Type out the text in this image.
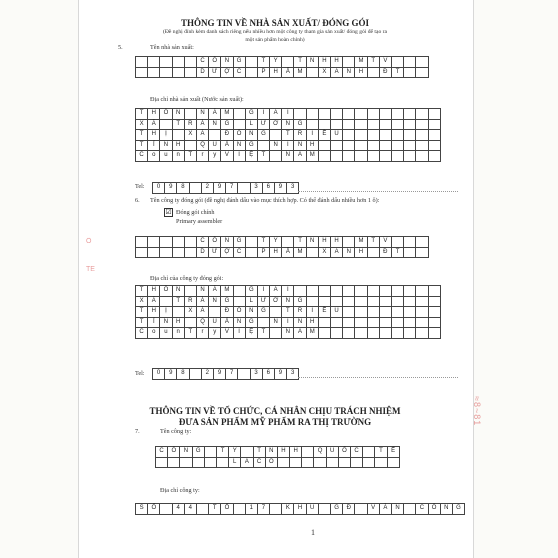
THÔNG TIN VỀ NHÀ SẢN XUẤT/ ĐÓNG GÓI
(Đề nghị đính kèm danh sách riêng nếu nhiều hơn một công ty tham gia sản xuất/ đóng gói để tạo ra
một sản phẩm hoàn chỉnh)
5.	Tên nhà sản xuất:
					C	Ô	N	G		T	Y		T	N	H	H		M	T	V			
					D	Ư	Ợ	C		P	H	Ẩ	M		X	A	N	H		Đ	T		
Địa chỉ nhà sản xuất (Nước sản xuất):
T	H	Ô	N		N	Ă	M		G	I	A	I												
X	Ã		T	R	À	N	G		L	Ư	Ơ	N	G											
T	H	Ị		X	Ã		Đ	Ô	N	G		T	R	I	Ề	U								
T	Ỉ	N	H		Q	U	Ả	N	G		N	I	N	H										
C	o	u	n	T	r	y	V	I	Ệ	T		N	A	M										
Tel: 0	9	8		2	9	7		3	6	9	3
6. Tên công ty đóng gói (đề nghị đánh dấu vào mục thích hợp. Có thể đánh dấu nhiều hơn 1 ô):
☑ Đóng gói chính
Primary assembler
					C	Ô	N	G		T	Y		T	N	H	H		M	T	V			
					D	Ư	Ợ	C		P	H	Ẩ	M		X	A	N	H		Đ	T		
Địa chỉ của công ty đóng gói:
T	H	Ô	N		N	Ă	M		G	I	A	I												
X	Ã		T	R	À	N	G		L	Ư	Ơ	N	G											
T	H	Ị		X	Ã		Đ	Ô	N	G		T	R	I	Ề	U								
T	Ỉ	N	H		Q	U	Ả	N	G		N	I	N	H										
C	o	u	n	T	r	y	V	I	Ệ	T		N	A	M										
Tel: 0	9	8		2	9	7		3	6	9	3
THÔNG TIN VỀ TỔ CHỨC, CÁ NHÂN CHỊU TRÁCH NHIỆM
ĐƯA SẢN PHẨM MỸ PHẨM RA THỊ TRƯỜNG
7.	Tên công ty:
C	Ô	N	G		T	Y		T	N	H	H		Q	U	Ố	C		T	Ế
						L	A	C	O										
Địa chỉ công ty:
S	Ố		4	4		T	Ổ		1	7		K	H	U		G	Đ		V	Ă	N		C	Ô	N	G
1
Ö
TE
≈8~81
